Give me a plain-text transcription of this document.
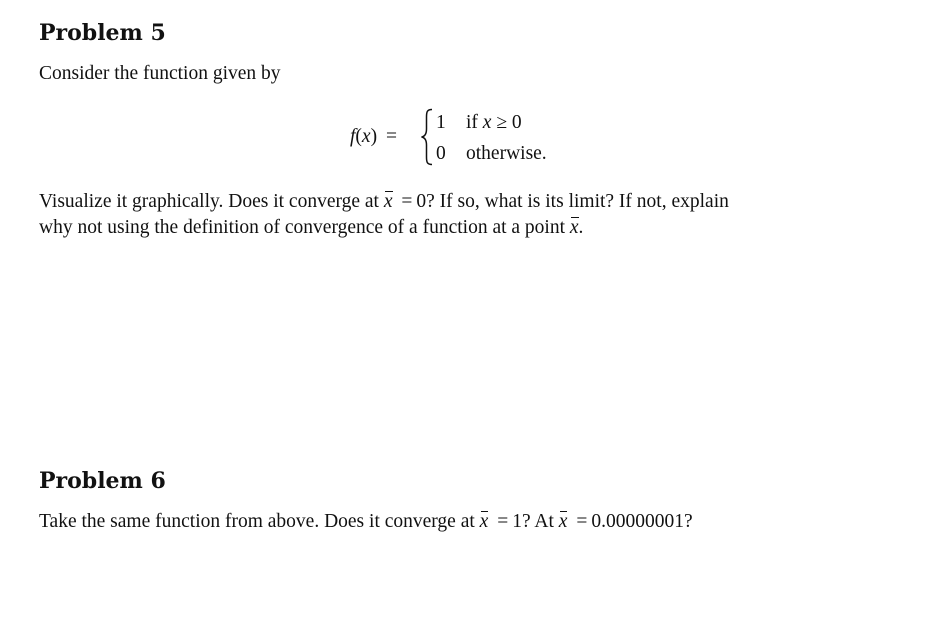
Problem 5

Consider the function given by

f(x) =
1 if x ≥ 0
0 otherwise.

Visualize it graphically. Does it converge at x = 0? If so, what is its limit? If not, explain

why not using the definition of convergence of a function at a point x.

Problem 6

Take the same function from above. Does it converge at x = 1? At x = 0.00000001?
